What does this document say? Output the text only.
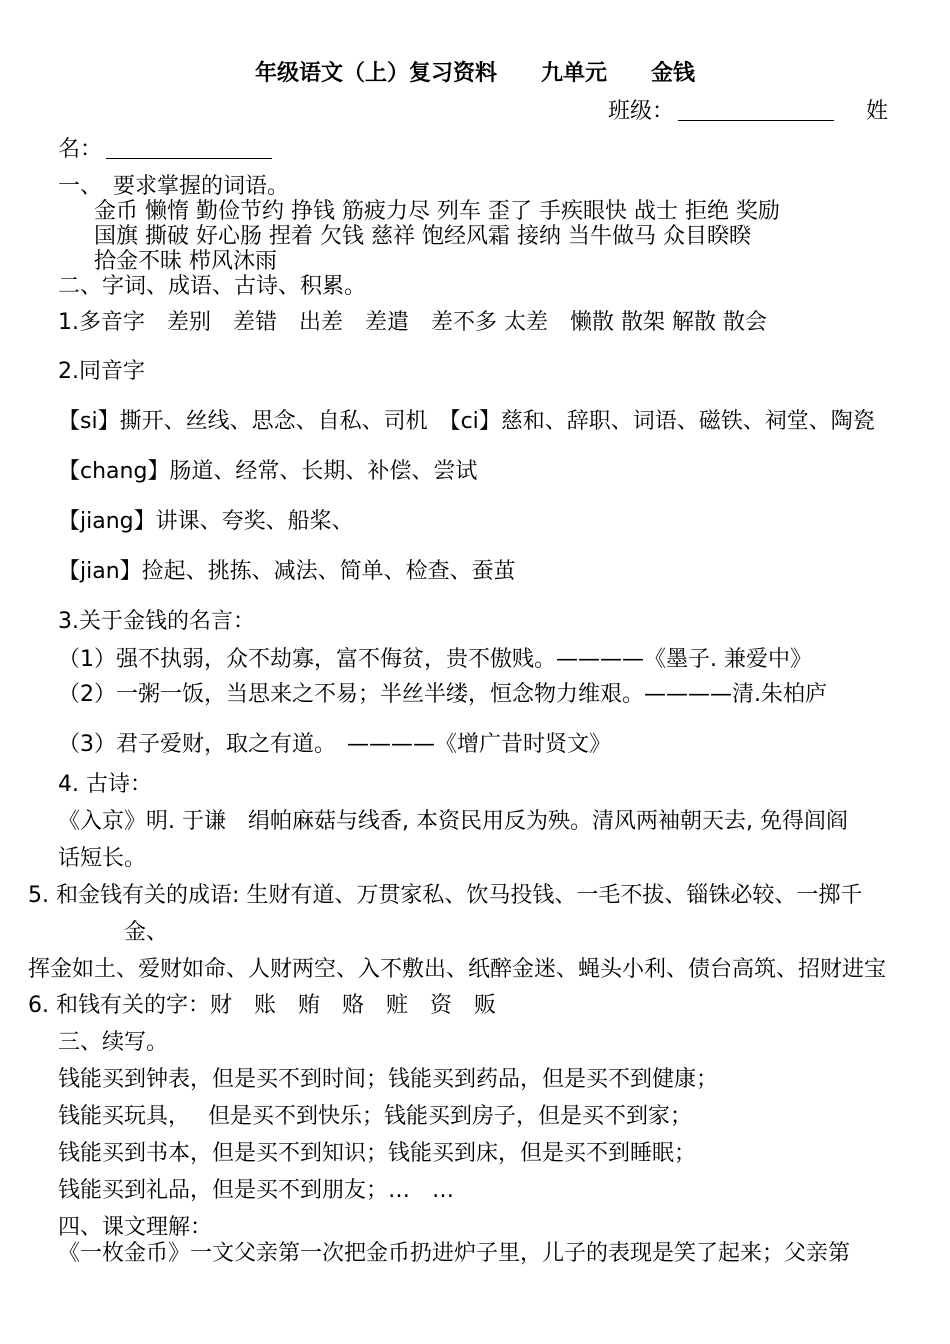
年级语文（上）复习资料　　九单元　　金钱
班级：	姓
名：
一、　要求掌握的词语。
金币 懒惰 勤俭节约 挣钱 筋疲力尽 列车 歪了 手疾眼快 战士 拒绝 奖励
国旗 撕破 好心肠 捏着 欠钱 慈祥 饱经风霜 接纳 当牛做马 众目睽睽
拾金不昧 栉风沐雨
二、字词、成语、古诗、积累。
1.多音字　差别　差错　出差　差遣　差不多 太差　懒散 散架 解散 散会
2.同音字
【si】撕开、丝线、思念、自私、司机　【ci】慈和、辞职、词语、磁铁、祠堂、陶瓷
【chang】肠道、经常、长期、补偿、尝试
【jiang】讲课、夸奖、船桨、
【jian】捡起、挑拣、减法、简单、检查、蚕茧
3.关于金钱的名言：
（1）强不执弱，众不劫寡，富不侮贫，贵不傲贱。————《墨子. 兼爱中》
（2）一粥一饭，当思来之不易；半丝半缕，恒念物力维艰。————清.朱柏庐
（3）君子爱财，取之有道。　————《增广昔时贤文》
4. 古诗：
《入京》明. 于谦　绢帕麻菇与线香, 本资民用反为殃。清风两袖朝天去, 免得闾阎
话短长。
5. 和金钱有关的成语: 生财有道、万贯家私、饮马投钱、一毛不拔、锱铢必较、一掷千
金、
挥金如土、爱财如命、人财两空、入不敷出、纸醉金迷、蝇头小利、债台高筑、招财进宝
6. 和钱有关的字：财　账　贿　赂　赃　资　贩
三、续写。
钱能买到钟表，但是买不到时间；钱能买到药品，但是买不到健康；
钱能买玩具，　 但是买不到快乐；钱能买到房子，但是买不到家；
钱能买到书本，但是买不到知识；钱能买到床，但是买不到睡眠；
钱能买到礼品，但是买不到朋友；…　…
四、课文理解：
《一枚金币》一文父亲第一次把金币扔进炉子里，儿子的表现是笑了起来；父亲第
